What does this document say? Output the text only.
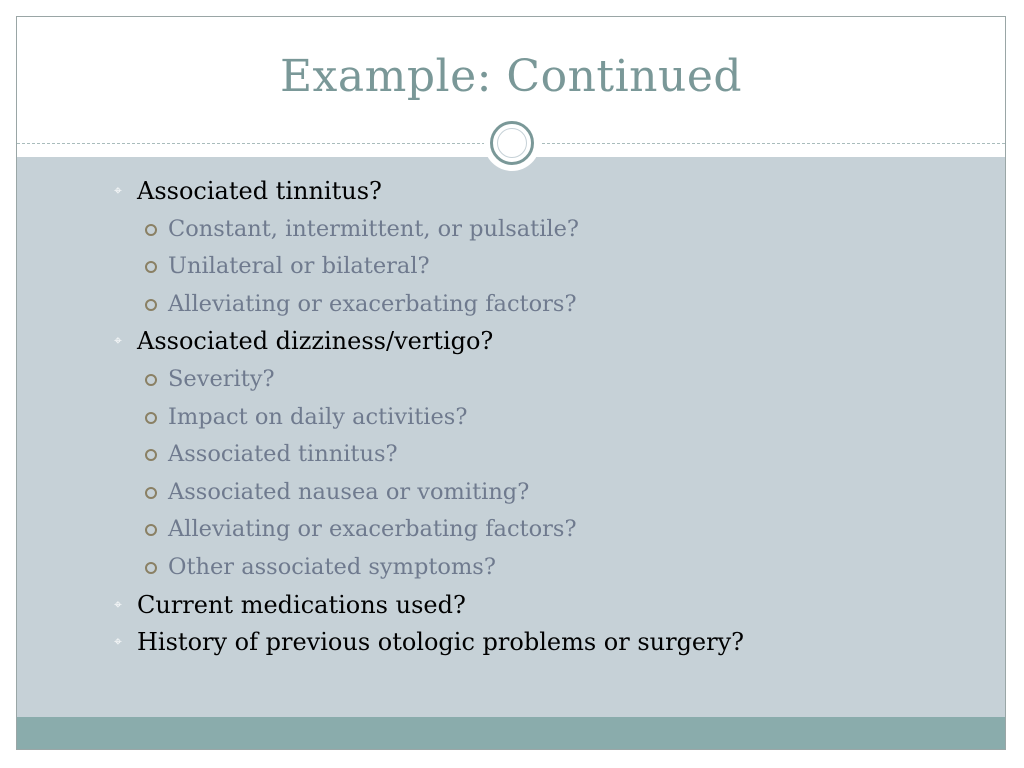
Example: Continued
⌖ Associated tinnitus?
Constant, intermittent, or pulsatile?
Unilateral or bilateral?
Alleviating or exacerbating factors?
⌖ Associated dizziness/vertigo?
Severity?
Impact on daily activities?
Associated tinnitus?
Associated nausea or vomiting?
Alleviating or exacerbating factors?
Other associated symptoms?
⌖ Current medications used?
⌖ History of previous otologic problems or surgery?
